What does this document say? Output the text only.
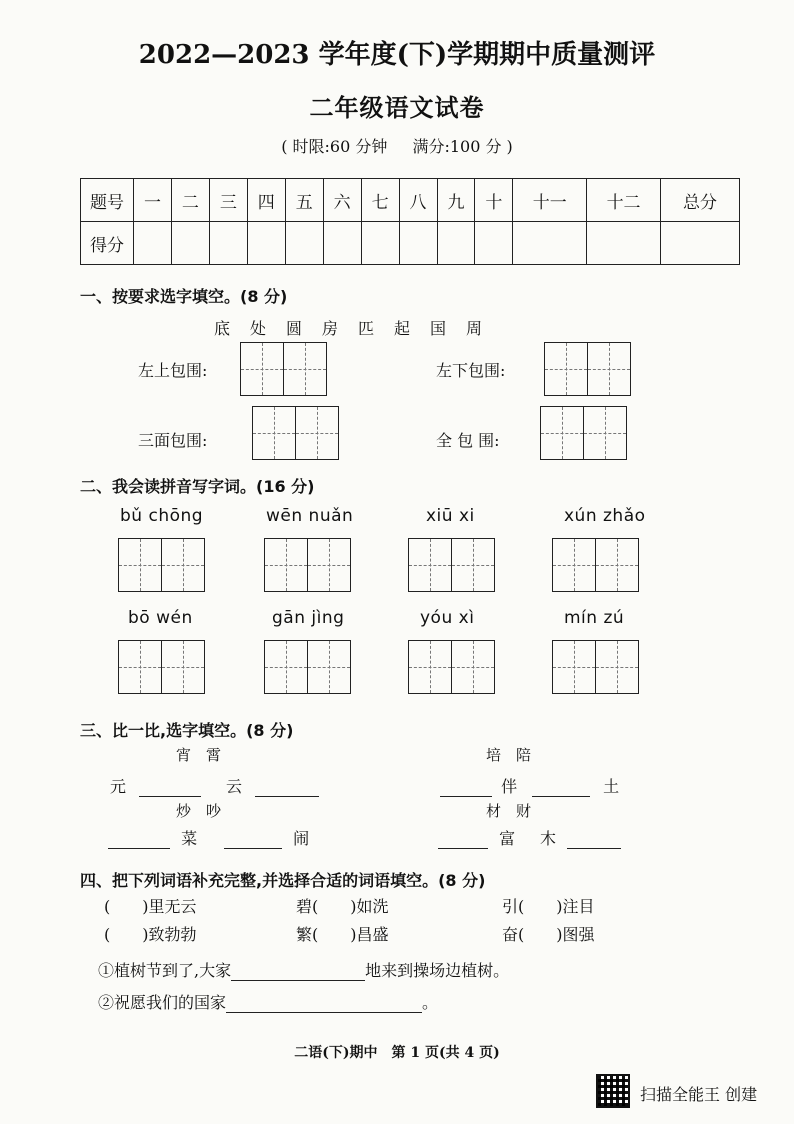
2022—2023 学年度(下)学期期中质量测评
二年级语文试卷
( 时限:60 分钟 满分:100 分 )
题号	一	二	三	四	五	六	七	八	九	十	十一	十二	总分
得分													
一、按要求选字填空。(8 分)
底　处　圆　房　匹　起　国　周
左上包围:	左下包围:
三面包围:	全 包 围:
二、我会读拼音写字词。(16 分)
bǔ chōng	wēn nuǎn	xiū xi	xún zhǎo
bō wén	gān jìng	yóu xì	mín zú
三、比一比,选字填空。(8 分)
宵　霄	培　陪
元	云	伴	土
炒　吵	材　财
菜	闹	富 木
四、把下列词语补充完整,并选择合适的词语填空。(8 分)
(　　)里无云	碧(　　)如洗	引(　　)注目
(　　)致勃勃	繁(　　)昌盛	奋(　　)图强
①植树节到了,大家	地来到操场边植树。
②祝愿我们的国家	。
二语(下)期中　第 1 页(共 4 页)
扫描全能王 创建
